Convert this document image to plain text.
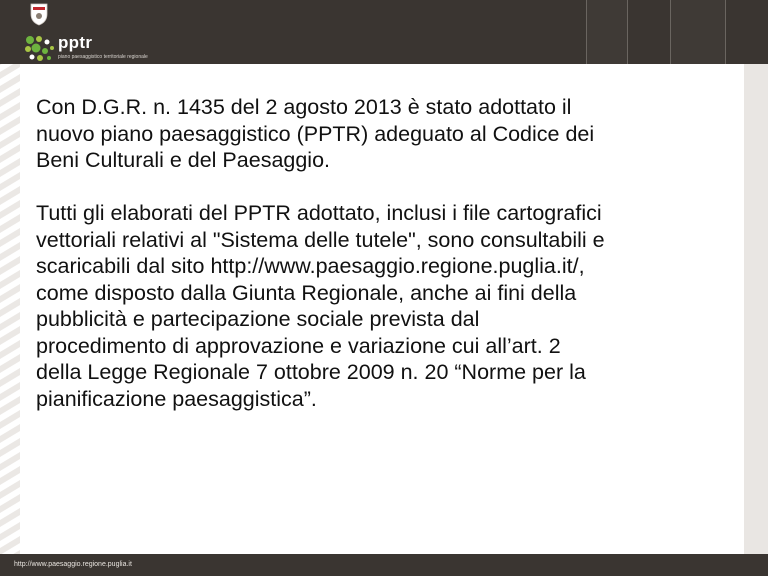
pptr
piano paesaggistico territoriale regionale

Con D.G.R. n. 1435 del 2 agosto 2013 è stato adottato il
nuovo piano paesaggistico (PPTR) adeguato al Codice dei
Beni Culturali e del Paesaggio.

Tutti gli elaborati del PPTR adottato, inclusi i file cartografici
vettoriali relativi al "Sistema delle tutele", sono consultabili e
scaricabili dal sito http://www.paesaggio.regione.puglia.it/,
come disposto dalla Giunta Regionale, anche ai fini della
pubblicità e partecipazione sociale prevista dal
procedimento di approvazione e variazione cui all’art. 2
della Legge Regionale 7 ottobre 2009 n. 20 “Norme per la
pianificazione paesaggistica”.

http://www.paesaggio.regione.puglia.it
